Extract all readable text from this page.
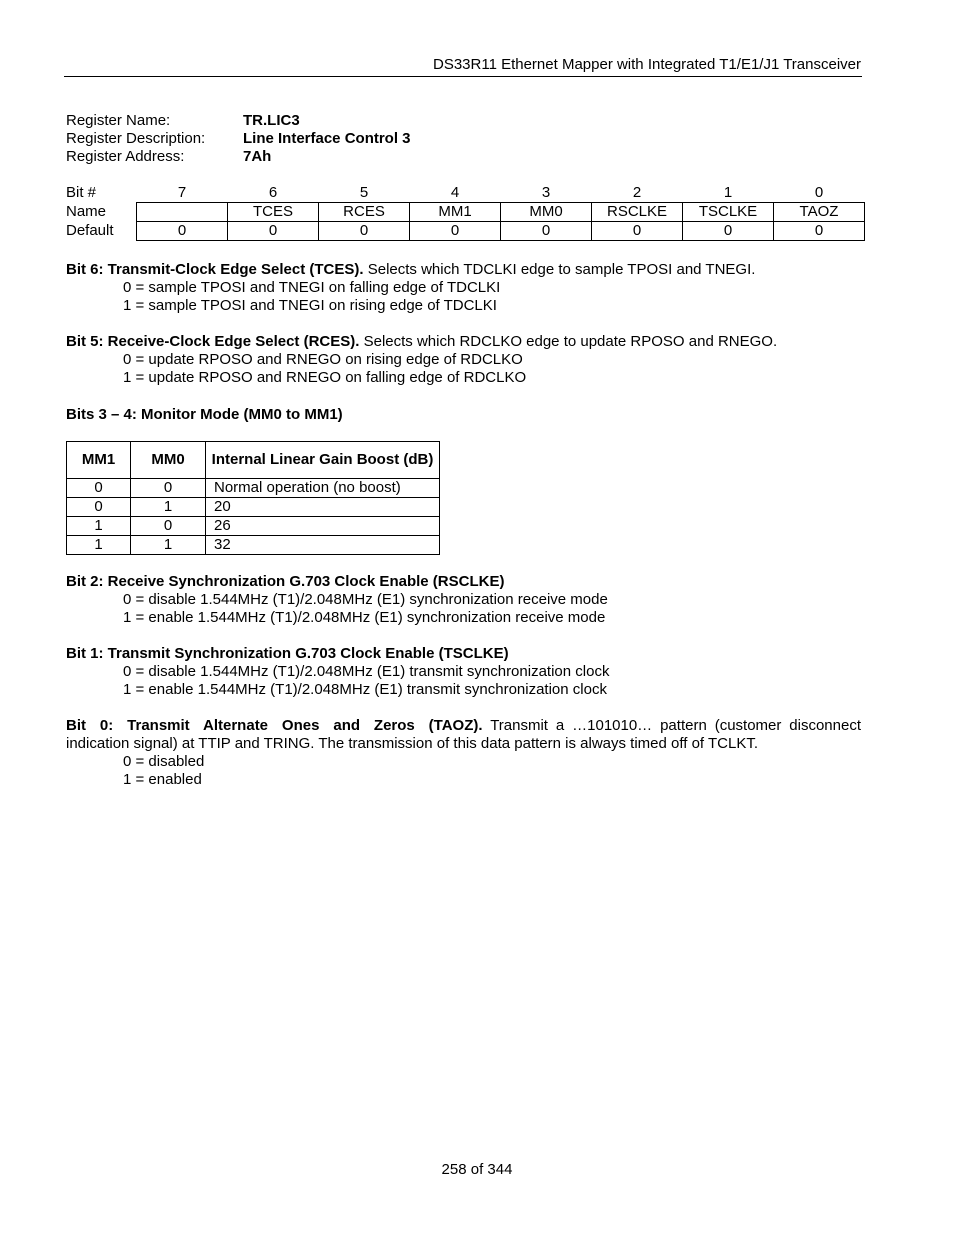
DS33R11 Ethernet Mapper with Integrated T1/E1/J1 Transceiver
Register Name:	TR.LIC3
Register Description:	Line Interface Control 3
Register Address:	7Ah
Bit #	7	6	5	4	3	2	1	0
Name		TCES	RCES	MM1	MM0	RSCLKE	TSCLKE	TAOZ
Default	0	0	0	0	0	0	0	0

Bit 6: Transmit-Clock Edge Select (TCES). Selects which TDCLKI edge to sample TPOSI and TNEGI.

0 = sample TPOSI and TNEGI on falling edge of TDCLKI

1 = sample TPOSI and TNEGI on rising edge of TDCLKI

Bit 5: Receive-Clock Edge Select (RCES). Selects which RDCLKO edge to update RPOSO and RNEGO.

0 = update RPOSO and RNEGO on rising edge of RDCLKO

1 = update RPOSO and RNEGO on falling edge of RDCLKO

Bits 3 – 4: Monitor Mode (MM0 to MM1)

MM1	MM0	Internal Linear Gain Boost (dB)
0	0	Normal operation (no boost)
0	1	20
1	0	26
1	1	32

Bit 2: Receive Synchronization G.703 Clock Enable (RSCLKE)

0 = disable 1.544MHz (T1)/2.048MHz (E1) synchronization receive mode

1 = enable 1.544MHz (T1)/2.048MHz (E1) synchronization receive mode

Bit 1: Transmit Synchronization G.703 Clock Enable (TSCLKE)

0 = disable 1.544MHz (T1)/2.048MHz (E1) transmit synchronization clock

1 = enable 1.544MHz (T1)/2.048MHz (E1) transmit synchronization clock

Bit 0: Transmit Alternate Ones and Zeros (TAOZ). Transmit a …101010… pattern (customer disconnect indication signal) at TTIP and TRING. The transmission of this data pattern is always timed off of TCLKT.

0 = disabled

1 = enabled

258 of 344
